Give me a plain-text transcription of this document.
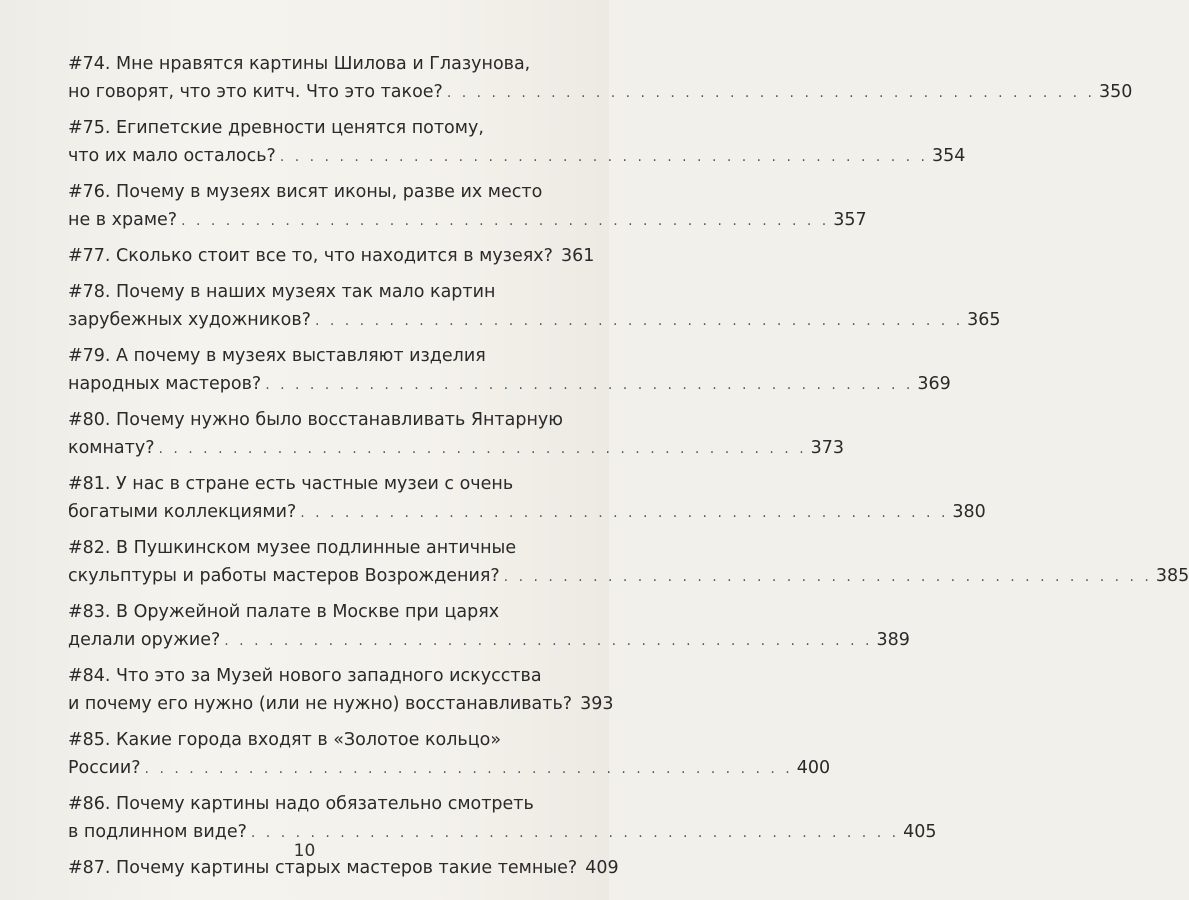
#74. Мне нравятся картины Шилова и Глазунова,
но говорят, что это китч. Что это такое? . . . . . . . . . . . . . . . . . . . . . . . . . . . . . . . . . . . . . . . . . . . . 350
#75. Египетские древности ценятся потому,
что их мало осталось? . . . . . . . . . . . . . . . . . . . . . . . . . . . . . . . . . . . . . . . . . . . . 354
#76. Почему в музеях висят иконы, разве их место
не в храме? . . . . . . . . . . . . . . . . . . . . . . . . . . . . . . . . . . . . . . . . . . . . 357
#77. Сколько стоит все то, что находится в музеях? 361
#78. Почему в наших музеях так мало картин
зарубежных художников? . . . . . . . . . . . . . . . . . . . . . . . . . . . . . . . . . . . . . . . . . . . . 365
#79. А почему в музеях выставляют изделия
народных мастеров? . . . . . . . . . . . . . . . . . . . . . . . . . . . . . . . . . . . . . . . . . . . . 369
#80. Почему нужно было восстанавливать Янтарную
комнату? . . . . . . . . . . . . . . . . . . . . . . . . . . . . . . . . . . . . . . . . . . . . 373
#81. У нас в стране есть частные музеи с очень
богатыми коллекциями? . . . . . . . . . . . . . . . . . . . . . . . . . . . . . . . . . . . . . . . . . . . . 380
#82. В Пушкинском музее подлинные античные
скульптуры и работы мастеров Возрождения? . . . . . . . . . . . . . . . . . . . . . . . . . . . . . . . . . . . . . . . . . . . . 385
#83. В Оружейной палате в Москве при царях
делали оружие? . . . . . . . . . . . . . . . . . . . . . . . . . . . . . . . . . . . . . . . . . . . . 389
#84. Что это за Музей нового западного искусства
и почему его нужно (или не нужно) восстанавливать? 393
#85. Какие города входят в «Золотое кольцо»
России? . . . . . . . . . . . . . . . . . . . . . . . . . . . . . . . . . . . . . . . . . . . . 400
#86. Почему картины надо обязательно смотреть
в подлинном виде? . . . . . . . . . . . . . . . . . . . . . . . . . . . . . . . . . . . . . . . . . . . . 405
#87. Почему картины старых мастеров такие темные? 409
10
